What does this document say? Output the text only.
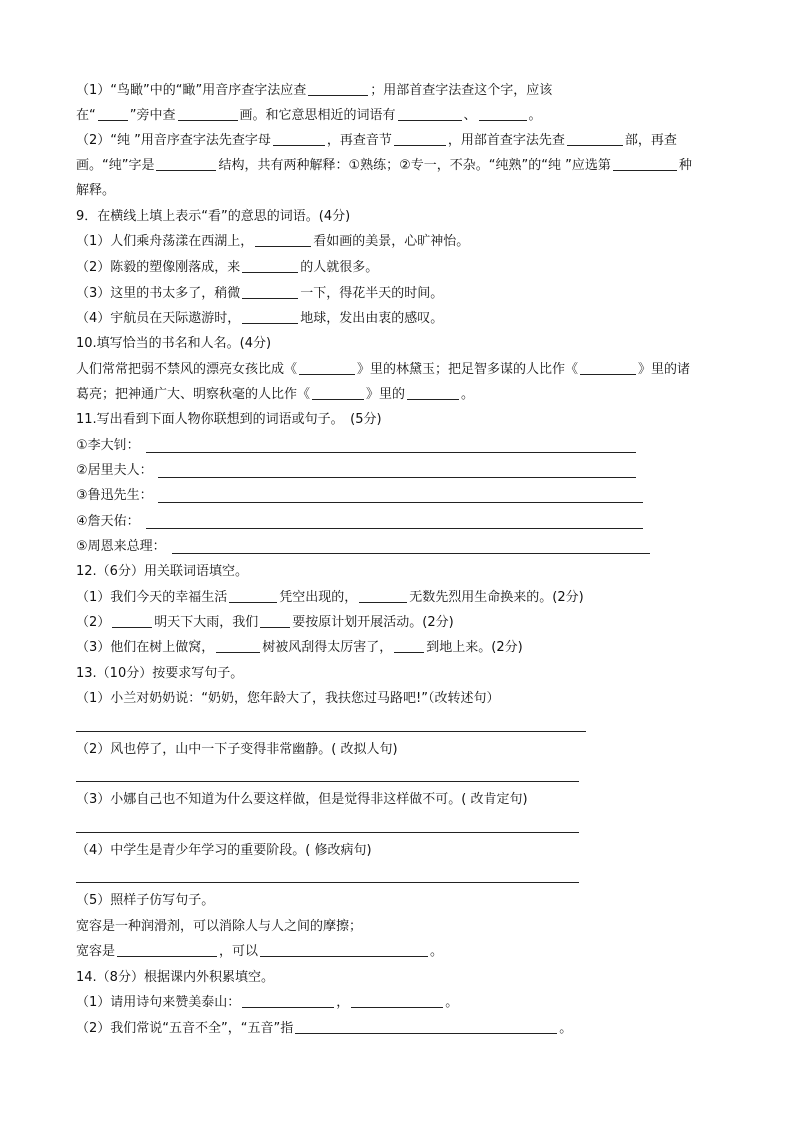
（1）“鸟瞰”中的“瞰”用音序查字法应查	；用部首查字法查这个字，应该
在“	”旁中查	画。和它意思相近的词语有	、	。
（2）“纯 ”用音序查字法先查字母	，再查音节	，用部首查字法先查	部，再查
画。“纯”字是	结构，共有两种解释：①熟练；②专一，不杂。“纯熟”的“纯 ”应选第	种
解释。
9．在横线上填上表示“看”的意思的词语。(4分)
（1）人们乘舟荡漾在西湖上，	看如画的美景，心旷神怡。
（2）陈毅的塑像刚落成，来	的人就很多。
（3）这里的书太多了，稍微	一下，得花半天的时间。
（4）宇航员在天际遨游时，	地球，发出由衷的感叹。
10.填写恰当的书名和人名。(4分)
人们常常把弱不禁风的漂亮女孩比成《	》里的林黛玉；把足智多谋的人比作《	》里的诸
葛亮；把神通广大、明察秋毫的人比作《	》里的	。
11.写出看到下面人物你联想到的词语或句子。　(5分)
①李大钊：
②居里夫人：
③鲁迅先生：
④詹天佑：
⑤周恩来总理：
12.（6分）用关联词语填空。
（1）我们今天的幸福生活	凭空出现的，	无数先烈用生命换来的。(2分)
（2）	明天下大雨，我们	要按原计划开展活动。(2分)
（3）他们在树上做窝，	树被风刮得太厉害了，	到地上来。(2分)
13.（10分）按要求写句子。
（1）小兰对奶奶说：“奶奶，您年龄大了，我扶您过马路吧!”（改转述句）
（2）风也停了，山中一下子变得非常幽静。( 改拟人句)
（3）小娜自己也不知道为什么要这样做，但是觉得非这样做不可。( 改肯定句)
（4）中学生是青少年学习的重要阶段。( 修改病句)
（5）照样子仿写句子。
宽容是一种润滑剂，可以消除人与人之间的摩擦；
宽容是	，可以	。
14.（8分）根据课内外积累填空。
（1）请用诗句来赞美泰山：	，	。
（2）我们常说“五音不全”，“五音”指	。
